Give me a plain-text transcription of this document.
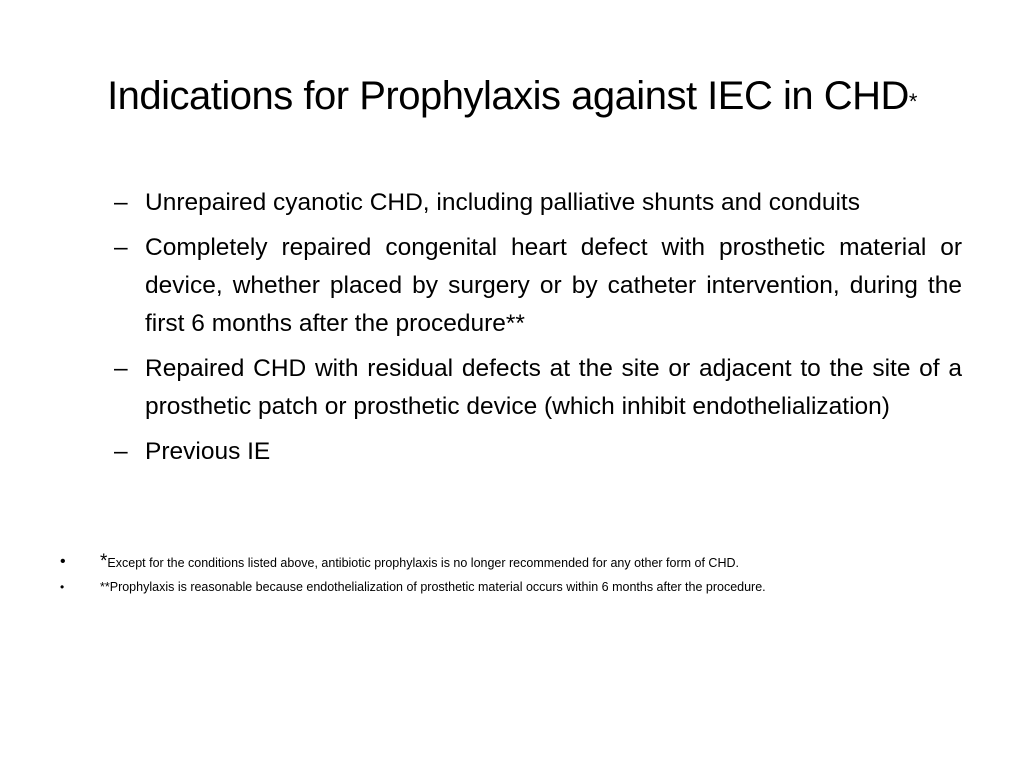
Indications for Prophylaxis against IEC in CHD*
– Unrepaired cyanotic CHD, including palliative shunts and conduits
– Completely repaired congenital heart defect with prosthetic material or device, whether placed by surgery or by catheter intervention, during the first 6 months after the procedure**
– Repaired CHD with residual defects at the site or adjacent to the site of a prosthetic patch or prosthetic device (which inhibit endothelialization)
– Previous IE
• *Except for the conditions listed above, antibiotic prophylaxis is no longer recommended for any other form of CHD.
•	**Prophylaxis is reasonable because endothelialization of prosthetic material occurs within 6 months after the procedure.
